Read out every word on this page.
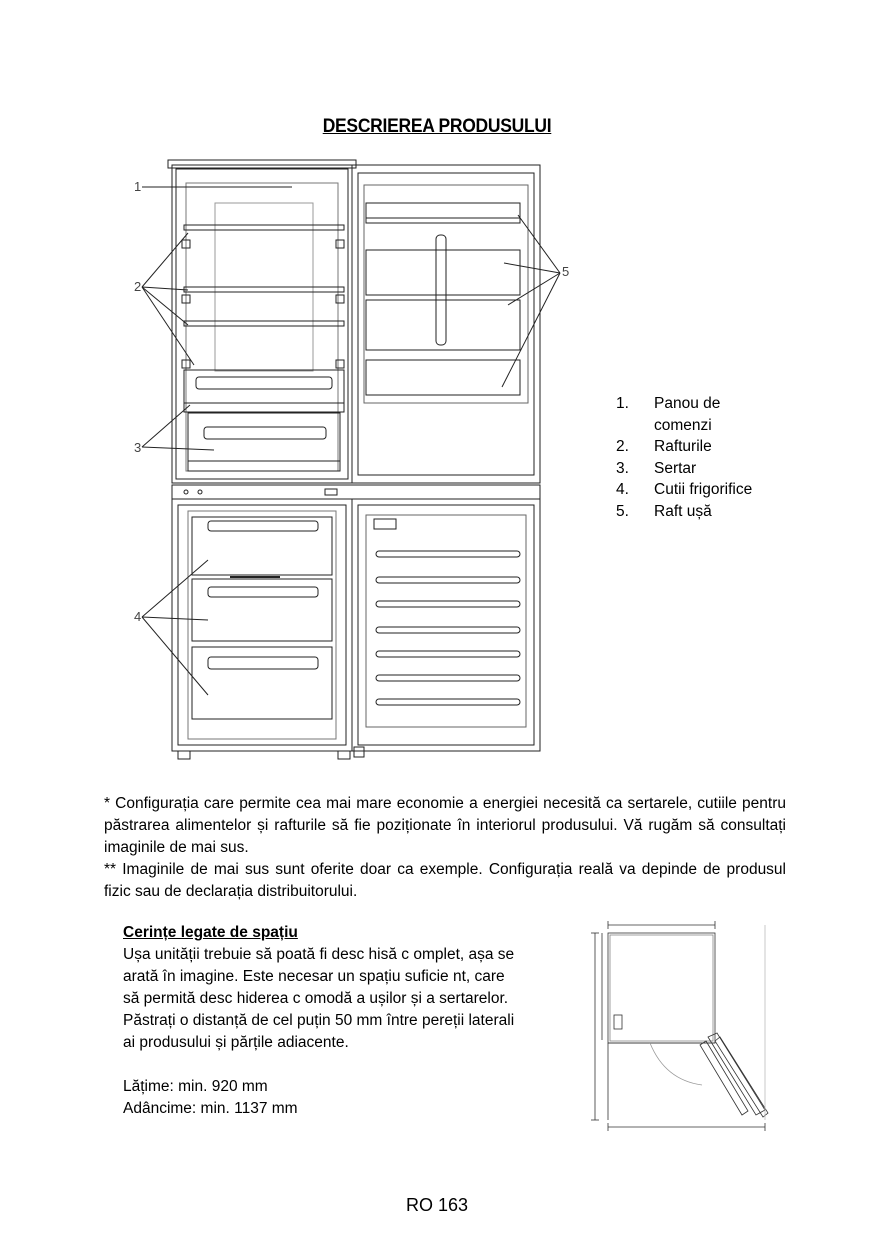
DESCRIEREA PRODUSULUI
1
2
3
4
5
1.	Panou de comenzi
2.	Rafturile
3.	Sertar
4.	Cutii frigorifice
5.	Raft ușă

* Configurația care permite cea mai mare economie a energiei necesită ca sertarele, cutiile pentru păstrarea alimentelor și rafturile să fie poziționate în interiorul produsului. Vă rugăm să consultați imaginile de mai sus.

** Imaginile de mai sus sunt oferite doar ca exemple. Configurația reală va depinde de produsul fizic sau de declarația distribuitorului.

Cerințe legate de spațiu

Ușa unității trebuie să poată fi desc hisă c omplet, așa se arată în imagine. Este necesar un spațiu suficie nt, care să permită desc hiderea c omodă a ușilor și a sertarelor. Păstrați o distanță de cel puțin 50 mm între pereții laterali ai produsului și părțile adiacente.

Lățime: min. 920 mm

Adâncime: min. 1137 mm

RO 163
